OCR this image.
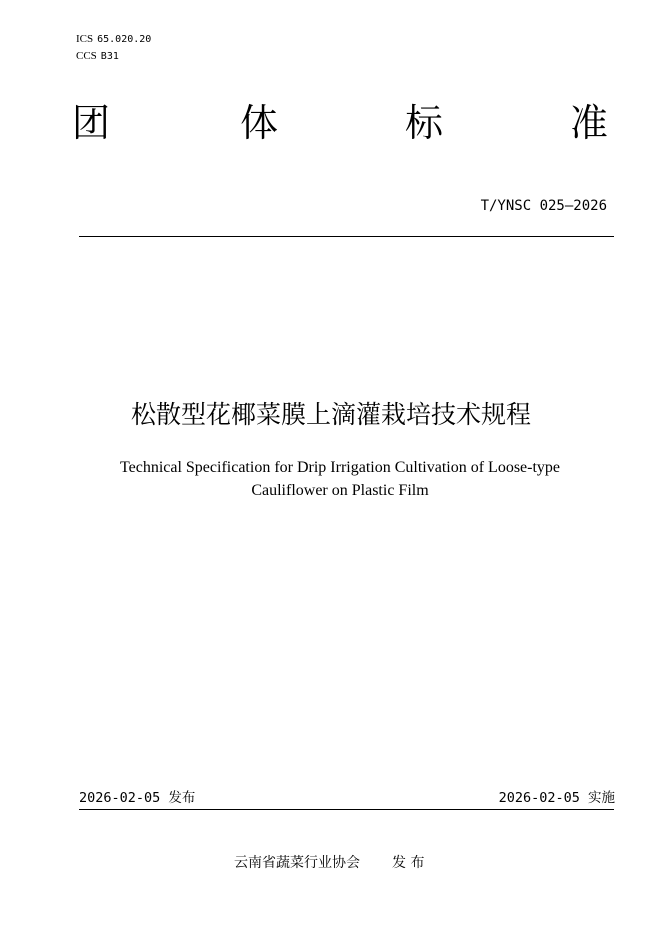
ICS 65.020.20
CCS B31
团	体	标	准
T/YNSC 025—2026
松散型花椰菜膜上滴灌栽培技术规程
Technical Specification for Drip Irrigation Cultivation of Loose-type Cauliflower on Plastic Film
2026-02-05 发布	2026-02-05 实施
云南省蔬菜行业协会 发 布
